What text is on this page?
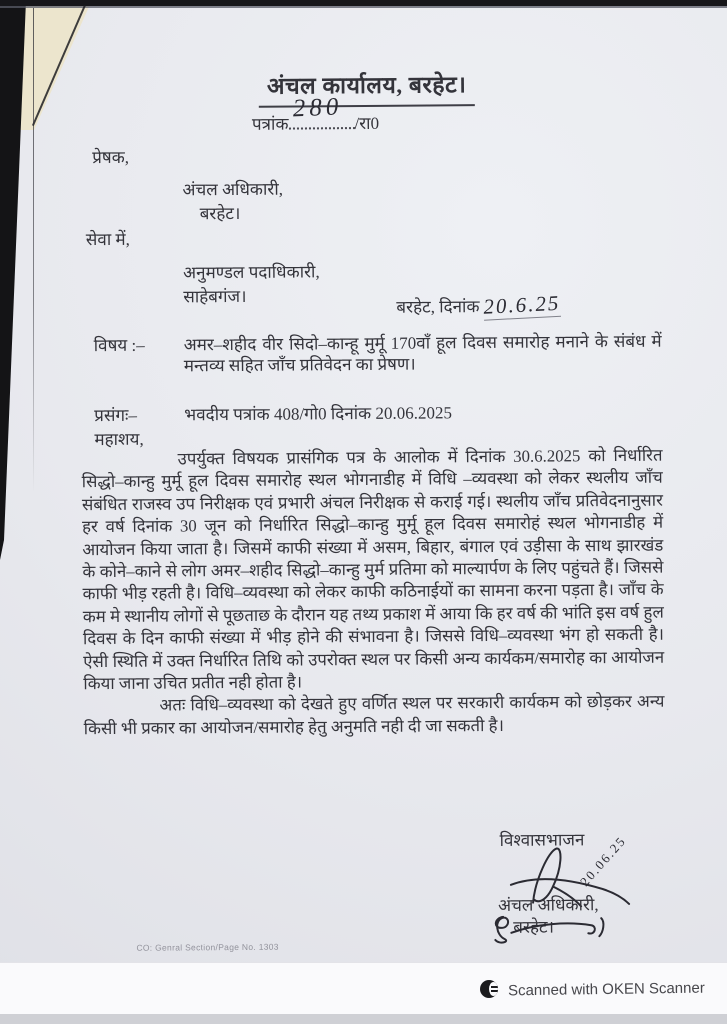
अंचल कार्यालय, बरहेट।
पत्रांक
280
/रा0
प्रेषक,
अंचल अधिकारी,
बरहेट।
सेवा में,
अनुमण्डल पदाधिकारी,
साहेबगंज।
बरहेट, दिनांक 20.6.25
विषय :–	अमर–शहीद वीर सिदो–कान्हू मुर्मू 170वॉं हूल दिवस समारोह मनाने के संबंध में मन्तव्य सहित जॉंच प्रतिवेदन का प्रेषण।
प्रसंगः–	भवदीय पत्रांक 408/गो0 दिनांक 20.06.2025
महाशय,

उपर्युक्त विषयक प्रासंगिक पत्र के आलोक में दिनांक 30.6.2025 को निर्धारित सिद्धो–कान्हु मुर्मू हूल दिवस समारोह स्थल भोगनाडीह में विधि –व्यवस्था को लेकर स्थलीय जाँच संबंधित राजस्व उप निरीक्षक एवं प्रभारी अंचल निरीक्षक से कराई गई। स्थलीय जाँच प्रतिवेदनानुसार हर वर्ष दिनांक 30 जून को निर्धारित सिद्धो–कान्हु मुर्मू हूल दिवस समारोहं स्थल भोगनाडीह में आयोजन किया जाता है। जिसमें काफी संख्या में असम, बिहार, बंगाल एवं उड़ीसा के साथ झारखंड के कोने–काने से लोग अमर–शहीद सिद्धो–कान्हु मुर्म प्रतिमा को माल्यार्पण के लिए पहुंचते हैं। जिससे काफी भीड़ रहती है। विधि–व्यवस्था को लेकर काफी कठिनाईयों का सामना करना पड़ता है। जाँच के कम मे स्थानीय लोगों से पूछताछ के दौरान यह तथ्य प्रकाश में आया कि हर वर्ष की भांति इस वर्ष हुल दिवस के दिन काफी संख्या में भीड़ होने की संभावना है। जिससे विधि–व्यवस्था भंग हो सकती है। ऐसी स्थिति में उक्त निर्धारित तिथि को उपरोक्त स्थल पर किसी अन्य कार्यकम/समारोह का आयोजन किया जाना उचित प्रतीत नही होता है।

अतः विधि–व्यवस्था को देखते हुए वर्णित स्थल पर सरकारी कार्यकम को छोड़कर अन्य किसी भी प्रकार का आयोजन/समारोह हेतु अनुमति नही दी जा सकती है।

विश्वासभाजन
20.06.25
अंचल अधिकारी,
बरहेट।
CO: Genral Section/Page No. 1303
Scanned with OKEN Scanner
